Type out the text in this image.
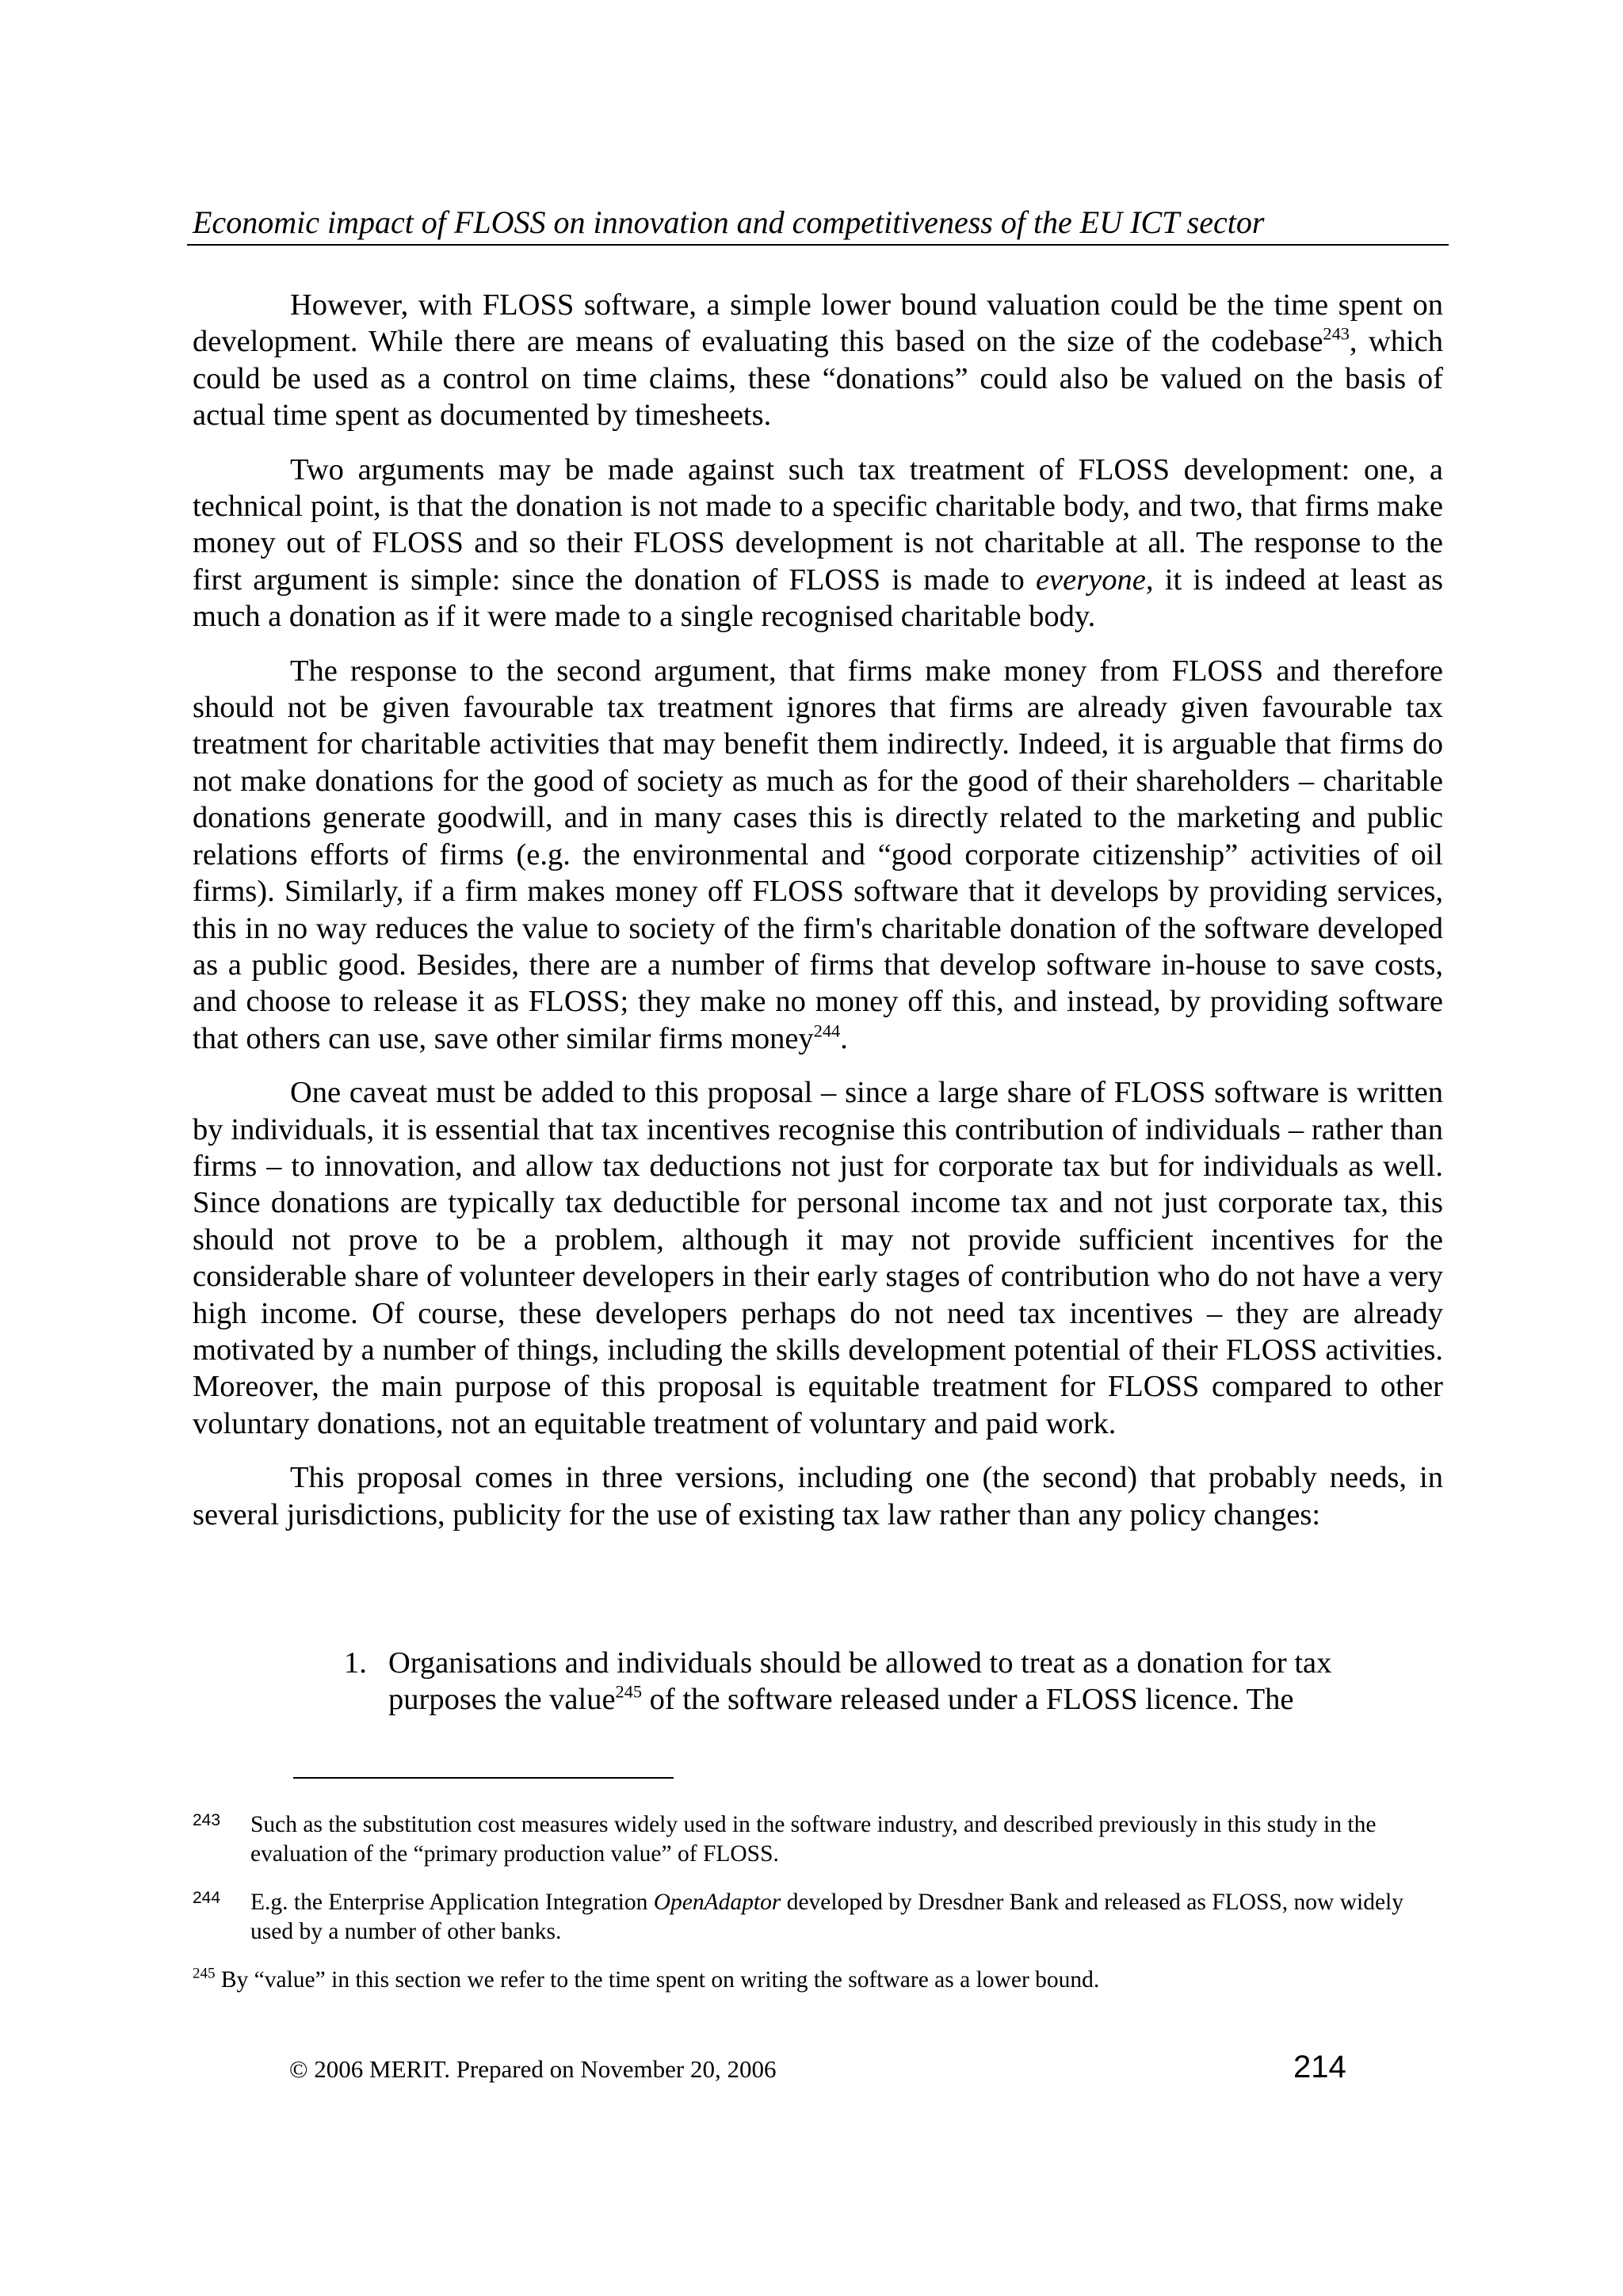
Economic impact of FLOSS on innovation and competitiveness of the EU ICT sector

However, with FLOSS software, a simple lower bound valuation could be the time spent on development. While there are means of evaluating this based on the size of the codebase$^{243}$, which could be used as a control on time claims, these “donations” could also be valued on the basis of actual time spent as documented by timesheets.

Two arguments may be made against such tax treatment of FLOSS development: one, a technical point, is that the donation is not made to a specific charitable body, and two, that firms make money out of FLOSS and so their FLOSS development is not charitable at all. The response to the first argument is simple: since the donation of FLOSS is made to everyone, it is indeed at least as much a donation as if it were made to a single recognised charitable body.

The response to the second argument, that firms make money from FLOSS and therefore should not be given favourable tax treatment ignores that firms are already given favourable tax treatment for charitable activities that may benefit them indirectly. Indeed, it is arguable that firms do not make donations for the good of society as much as for the good of their shareholders – charitable donations generate goodwill, and in many cases this is directly related to the marketing and public relations efforts of firms (e.g. the environmental and “good corporate citizenship” activities of oil firms). Similarly, if a firm makes money off FLOSS software that it develops by providing services, this in no way reduces the value to society of the firm's charitable donation of the software developed as a public good. Besides, there are a number of firms that develop software in-house to save costs, and choose to release it as FLOSS; they make no money off this, and instead, by providing software that others can use, save other similar firms money$^{244}$.

One caveat must be added to this proposal – since a large share of FLOSS software is written by individuals, it is essential that tax incentives recognise this contribution of individuals – rather than firms – to innovation, and allow tax deductions not just for corporate tax but for individuals as well. Since donations are typically tax deductible for personal income tax and not just corporate tax, this should not prove to be a problem, although it may not provide sufficient incentives for the considerable share of volunteer developers in their early stages of contribution who do not have a very high income. Of course, these developers perhaps do not need tax incentives – they are already motivated by a number of things, including the skills development potential of their FLOSS activities. Moreover, the main purpose of this proposal is equitable treatment for FLOSS compared to other voluntary donations, not an equitable treatment of voluntary and paid work.

This proposal comes in three versions, including one (the second) that probably needs, in several jurisdictions, publicity for the use of existing tax law rather than any policy changes:

1. Organisations and individuals should be allowed to treat as a donation for tax purposes the value$^{245}$ of the software released under a FLOSS licence. The
243 Such as the substitution cost measures widely used in the software industry, and described previously in this study in the evaluation of the “primary production value” of FLOSS.
244 E.g. the Enterprise Application Integration OpenAdaptor developed by Dresdner Bank and released as FLOSS, now widely used by a number of other banks.
$^{245}$ By “value” in this section we refer to the time spent on writing the software as a lower bound.
© 2006 MERIT. Prepared on November 20, 2006	214
